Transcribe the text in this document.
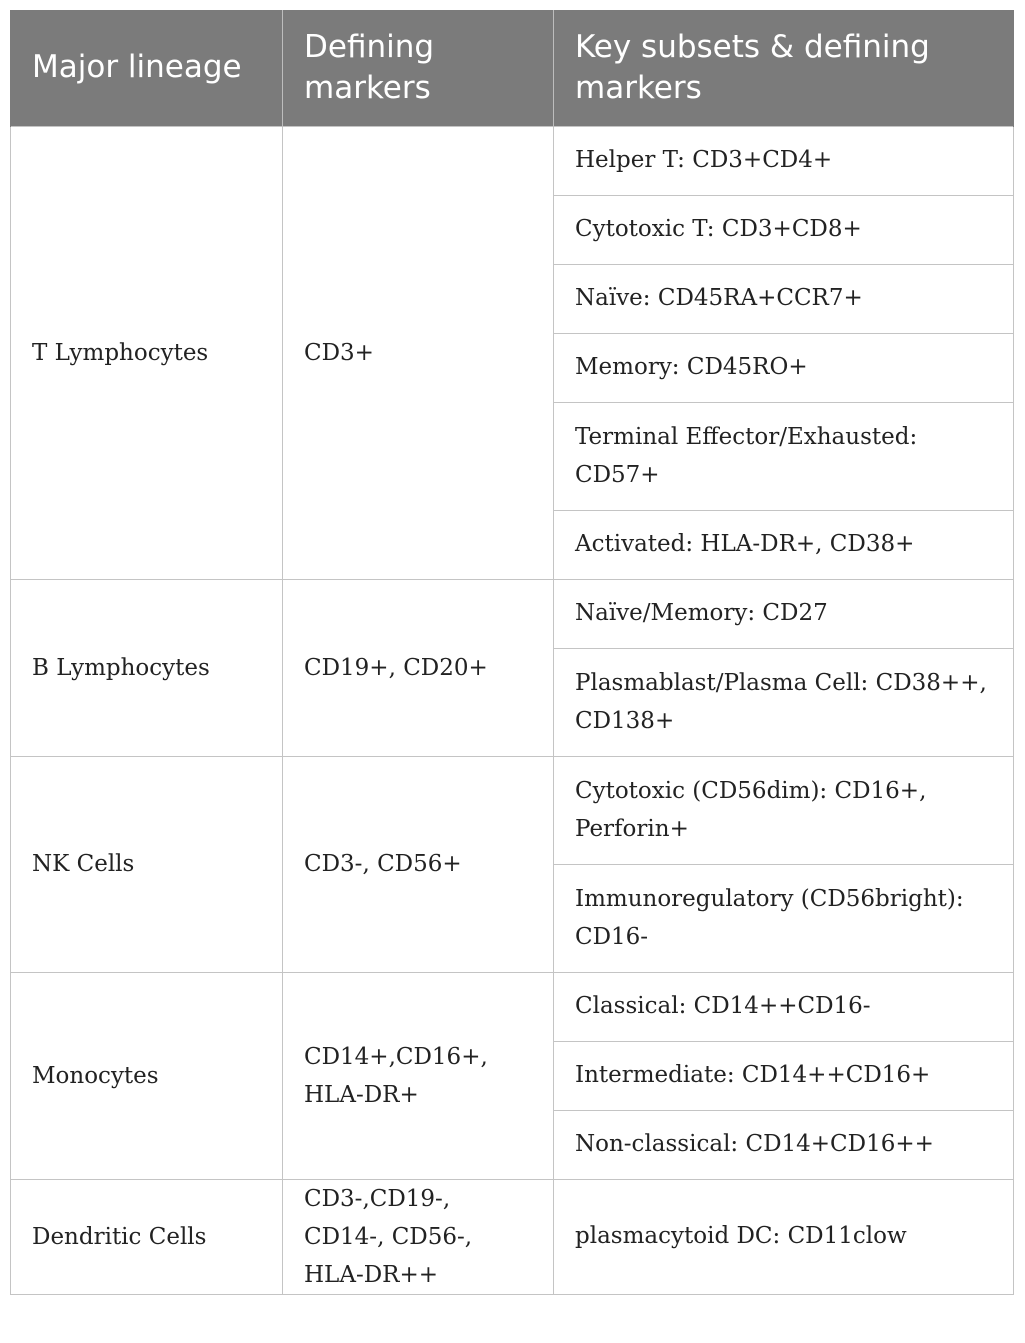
Major lineage	Defining markers	Key subsets & defining markers
T Lymphocytes	CD3+	Helper T: CD3+CD4+
		Cytotoxic T: CD3+CD8+
		Naïve: CD45RA+CCR7+
		Memory: CD45RO+
		Terminal Effector/Exhausted: CD57+
		Activated: HLA-DR+, CD38+
B Lymphocytes	CD19+, CD20+	Naïve/Memory: CD27
		Plasmablast/Plasma Cell: CD38++, CD138+
NK Cells	CD3-, CD56+	Cytotoxic (CD56dim): CD16+, Perforin+
		Immunoregulatory (CD56bright): CD16-
Monocytes	CD14+,CD16+, HLA-DR+	Classical: CD14++CD16-
		Intermediate: CD14++CD16+
		Non-classical: CD14+CD16++
Dendritic Cells	CD3-,CD19-, CD14-, CD56-, HLA-DR++	plasmacytoid DC: CD11clow
